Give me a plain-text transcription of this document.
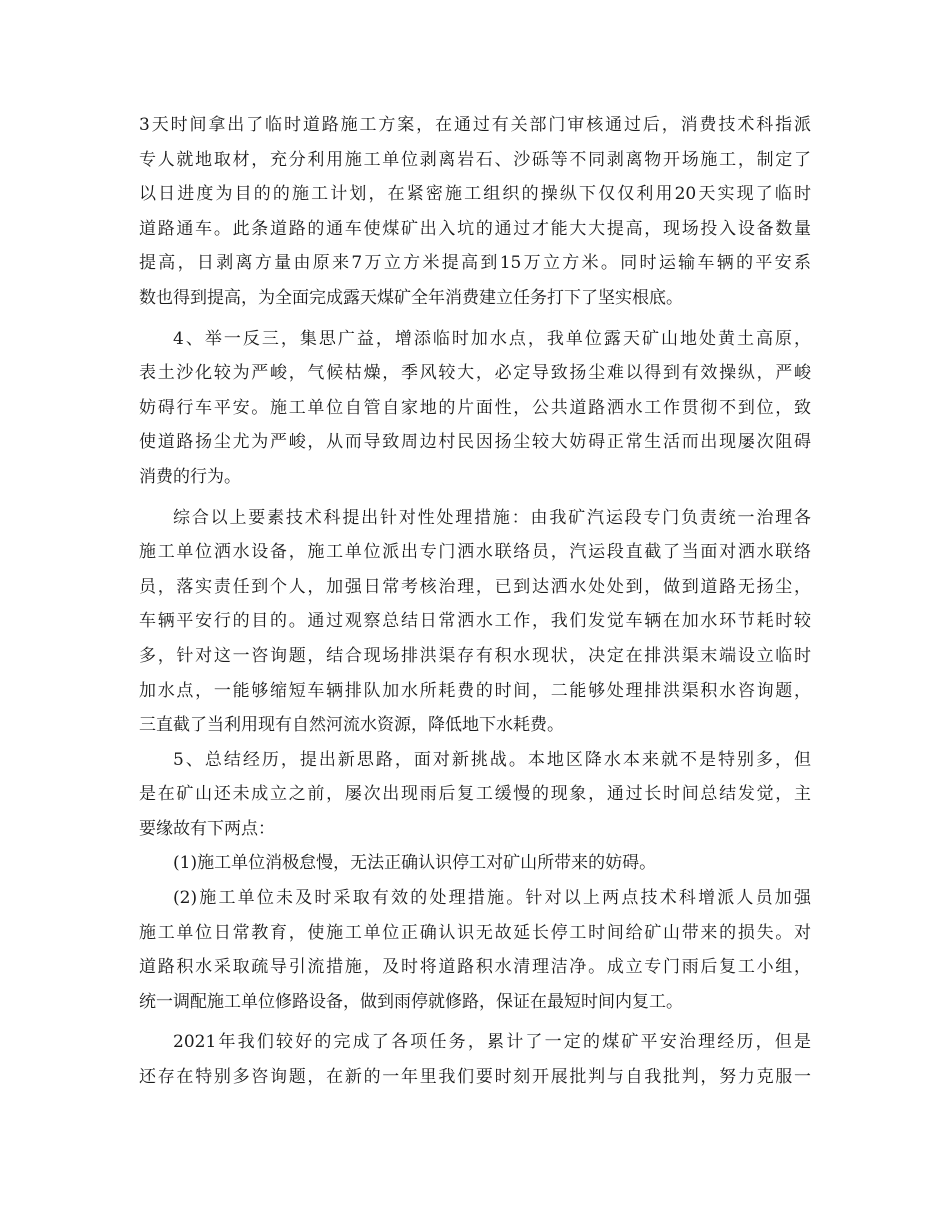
3天时间拿出了临时道路施工方案，在通过有关部门审核通过后，消费技术科指派
专人就地取材，充分利用施工单位剥离岩石、沙砾等不同剥离物开场施工，制定了
以日进度为目的的施工计划，在紧密施工组织的操纵下仅仅利用20天实现了临时
道路通车。此条道路的通车使煤矿出入坑的通过才能大大提高，现场投入设备数量
提高，日剥离方量由原来7万立方米提高到15万立方米。同时运输车辆的平安系
数也得到提高，为全面完成露天煤矿全年消费建立任务打下了坚实根底。
4、举一反三，集思广益，增添临时加水点，我单位露天矿山地处黄土高原，
表土沙化较为严峻，气候枯燥，季风较大，必定导致扬尘难以得到有效操纵，严峻
妨碍行车平安。施工单位自管自家地的片面性，公共道路洒水工作贯彻不到位，致
使道路扬尘尤为严峻，从而导致周边村民因扬尘较大妨碍正常生活而出现屡次阻碍
消费的行为。
综合以上要素技术科提出针对性处理措施：由我矿汽运段专门负责统一治理各
施工单位洒水设备，施工单位派出专门洒水联络员，汽运段直截了当面对洒水联络
员，落实责任到个人，加强日常考核治理，已到达洒水处处到，做到道路无扬尘，
车辆平安行的目的。通过观察总结日常洒水工作，我们发觉车辆在加水环节耗时较
多，针对这一咨询题，结合现场排洪渠存有积水现状，决定在排洪渠末端设立临时
加水点，一能够缩短车辆排队加水所耗费的时间，二能够处理排洪渠积水咨询题，
三直截了当利用现有自然河流水资源，降低地下水耗费。
5、总结经历，提出新思路，面对新挑战。本地区降水本来就不是特别多，但
是在矿山还未成立之前，屡次出现雨后复工缓慢的现象，通过长时间总结发觉，主
要缘故有下两点：
(1)施工单位消极怠慢，无法正确认识停工对矿山所带来的妨碍。
(2)施工单位未及时采取有效的处理措施。针对以上两点技术科增派人员加强
施工单位日常教育，使施工单位正确认识无故延长停工时间给矿山带来的损失。对
道路积水采取疏导引流措施，及时将道路积水清理洁净。成立专门雨后复工小组，
统一调配施工单位修路设备，做到雨停就修路，保证在最短时间内复工。
2021年我们较好的完成了各项任务，累计了一定的煤矿平安治理经历，但是
还存在特别多咨询题，在新的一年里我们要时刻开展批判与自我批判，努力克服一
